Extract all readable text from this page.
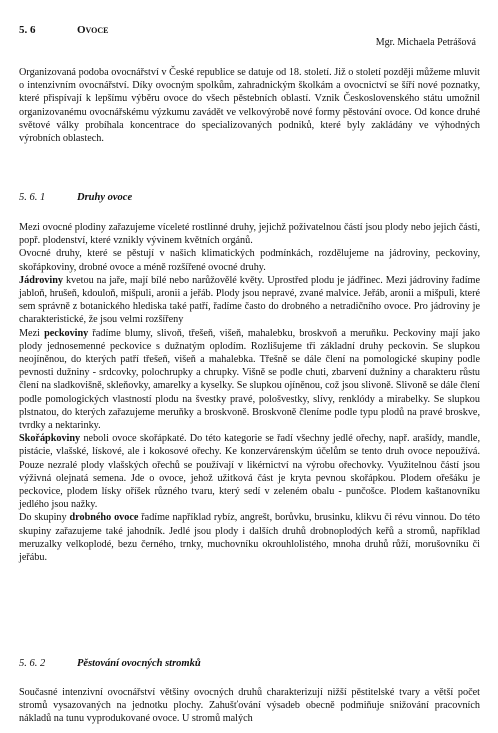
5. 6	Ovoce
Mgr. Michaela Petrášová

Organizovaná podoba ovocnářství v České republice se datuje od 18. století. Již o století později můžeme mluvit o intenzivním ovocnářství. Díky ovocným spolkům, zahradnickým školkám a ovocnictví se šíří nové poznatky, které přispívají k lepšímu výběru ovoce do všech pěstebních oblastí. Vznik Československého státu umožnil organizovanému ovocnářskému výzkumu zavádět ve velkovýrobě nové formy pěstování ovoce. Od konce druhé světové války probíhala koncentrace do specializovaných podniků, které byly zakládány ve výhodných výrobních oblastech.

5. 6. 1	Druhy ovoce

Mezi ovocné plodiny zařazujeme víceleté rostlinné druhy, jejichž poživatelnou částí jsou plody nebo jejich části, popř. plodenství, které vznikly vývinem květních orgánů.

Ovocné druhy, které se pěstují v našich klimatických podmínkách, rozdělujeme na jádroviny, peckoviny, skořápkoviny, drobné ovoce a méně rozšířené ovocné druhy.

Jádroviny kvetou na jaře, mají bílé nebo narůžovělé květy. Uprostřed plodu je jádřinec. Mezi jádroviny řadíme jabloň, hrušeň, kdouloň, mišpuli, aronii a jeřáb. Plody jsou nepravé, zvané malvice. Jeřáb, aronii a mišpuli, které sem správně z botanického hlediska také patří, řadíme často do drobného a netradičního ovoce. Pro jádroviny je charakteristické, že jsou velmi rozšířeny

Mezi peckoviny řadíme blumy, slivoň, třešeň, višeň, mahalebku, broskvoň a meruňku. Peckoviny mají jako plody jednosemenné peckovice s dužnatým oplodím. Rozlišujeme tři základní druhy peckovin. Se slupkou neojíněnou, do kterých patří třešeň, višeň a mahalebka. Třešně se dále člení na pomologické skupiny podle pevnosti dužniny - srdcovky, polochrupky a chrupky. Višně se podle chuti, zbarvení dužniny a charakteru růstu člení na sladkovišně, skleňovky, amarelky a kyselky. Se slupkou ojíněnou, což jsou slivoně. Slivoně se dále člení podle pomologických vlastností plodu na švestky pravé, pološvestky, slívy, renklódy a mirabelky. Se slupkou plstnatou, do kterých zařazujeme meruňky a broskvoně. Broskvoně členíme podle typu plodů na pravé broskve, tvrdky a nektarinky.

Skořápkoviny neboli ovoce skořápkaté. Do této kategorie se řadí všechny jedlé ořechy, např. arašídy, mandle, pistácie, vlašské, lískové, ale i kokosové ořechy. Ke konzervárenským účelům se tento druh ovoce nepoužívá. Pouze nezralé plody vlašských ořechů se používají v likérnictví na výrobu ořechovky. Využitelnou částí jsou výživná olejnatá semena. Jde o ovoce, jehož užitková část je kryta pevnou skořápkou. Plodem ořešáku je peckovice, plodem lísky oříšek různého tvaru, který sedí v zeleném obalu - punčošce. Plodem kaštanovníku jedlého jsou nažky.

Do skupiny drobného ovoce řadíme například rybíz, angrešt, borůvku, brusinku, klikvu či révu vinnou. Do této skupiny zařazujeme také jahodník. Jedlé jsou plody i dalších druhů drobnoplodých keřů a stromů, například meruzalky velkoplodé, bezu černého, trnky, muchovníku okrouhlolistého, mnoha druhů růží, morušovníku či jeřábu.

5. 6. 2	Pěstování ovocných stromků

Současné intenzivní ovocnářství většiny ovocných druhů charakterizují nižší pěstitelské tvary a větší počet stromů vysazovaných na jednotku plochy. Zahušťování výsadeb obecně podmiňuje snižování pracovních nákladů na tunu vyprodukované ovoce. U stromů malých
